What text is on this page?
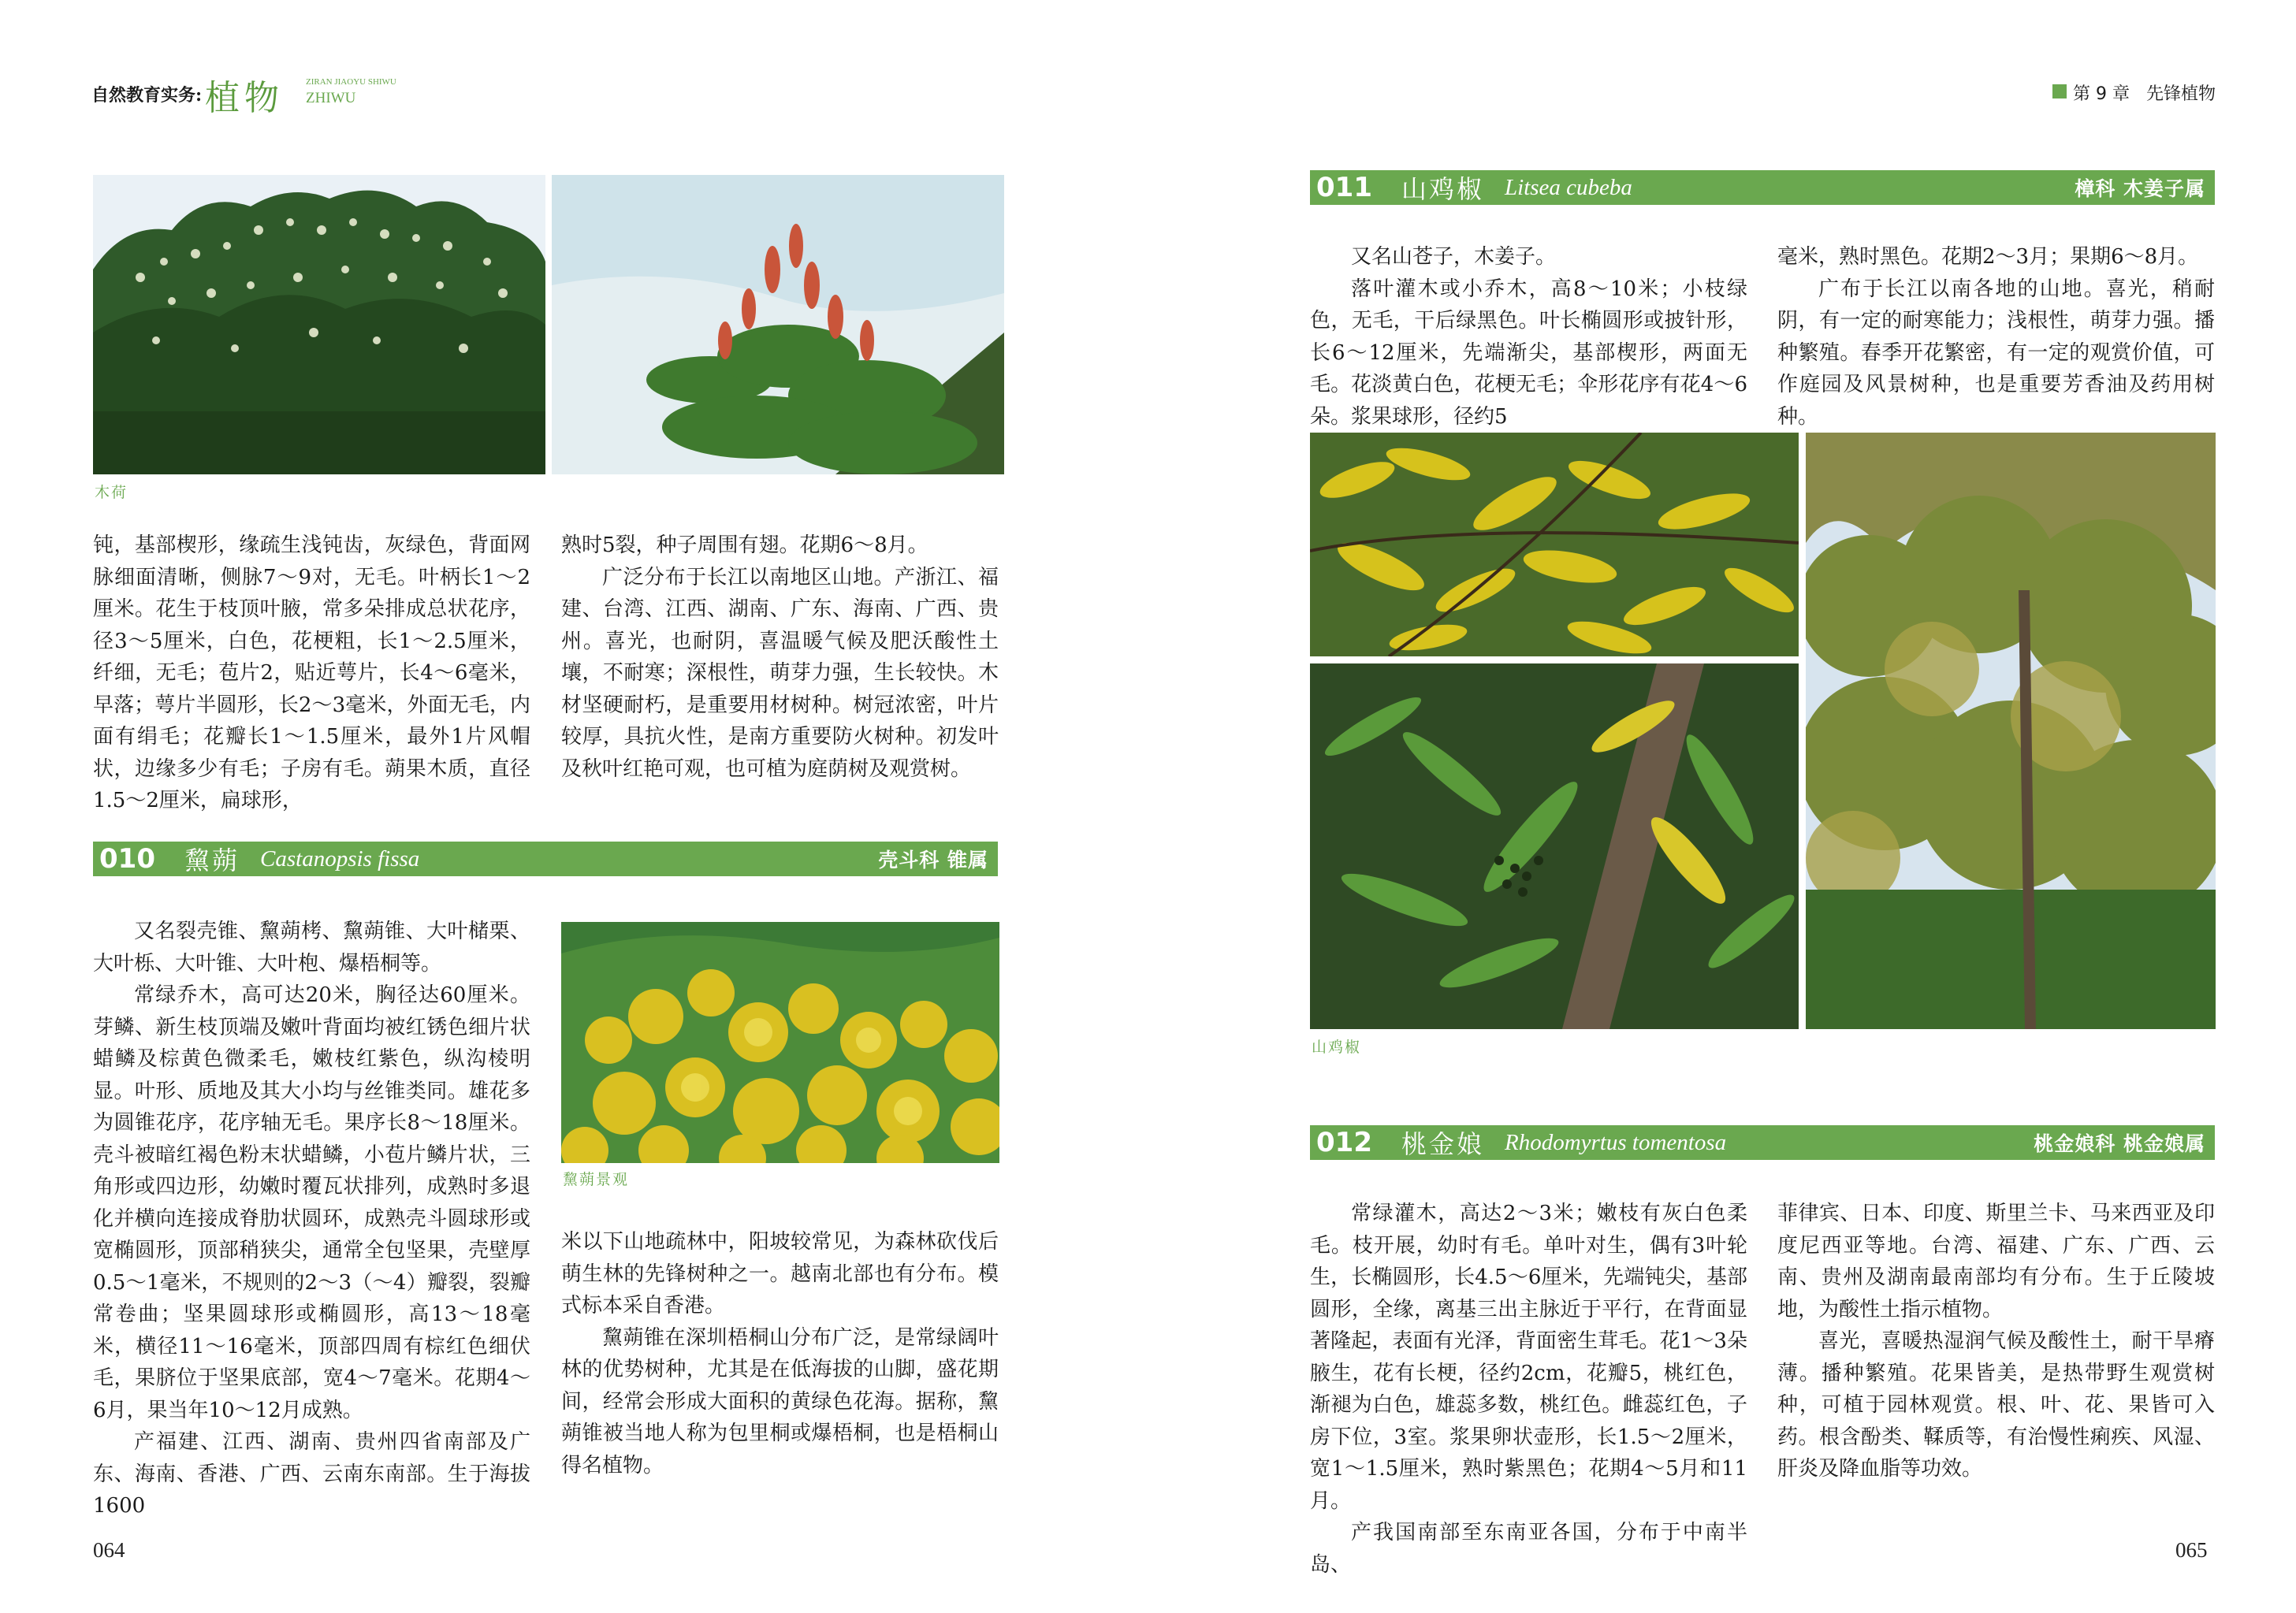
自然教育实务: 植物	ZIRAN JIAOYU SHIWU
ZHIWU	第 9 章   先锋植物
木荷

钝，基部楔形，缘疏生浅钝齿，灰绿色，背面网脉细面清晰，侧脉7～9对，无毛。叶柄长1～2厘米。花生于枝顶叶腋，常多朵排成总状花序，径3～5厘米，白色，花梗粗，长1～2.5厘米，纤细，无毛；苞片2，贴近萼片，长4～6毫米，早落；萼片半圆形，长2～3毫米，外面无毛，内面有绢毛；花瓣长1～1.5厘米，最外1片风帽状，边缘多少有毛；子房有毛。蒴果木质，直径1.5～2厘米，扁球形，

熟时5裂，种子周围有翅。花期6～8月。

广泛分布于长江以南地区山地。产浙江、福建、台湾、江西、湖南、广东、海南、广西、贵州。喜光，也耐阴，喜温暖气候及肥沃酸性土壤，不耐寒；深根性，萌芽力强，生长较快。木材坚硬耐朽，是重要用材树种。树冠浓密，叶片较厚，具抗火性，是南方重要防火树种。初发叶及秋叶红艳可观，也可植为庭荫树及观赏树。

010	黧蒴 Castanopsis fissa	壳斗科 锥属

又名裂壳锥、黧蒴栲、黧蒴锥、大叶槠栗、大叶栎、大叶锥、大叶枹、爆梧桐等。

常绿乔木，高可达20米，胸径达60厘米。芽鳞、新生枝顶端及嫩叶背面均被红锈色细片状蜡鳞及棕黄色微柔毛，嫩枝红紫色，纵沟棱明显。叶形、质地及其大小均与丝锥类同。雄花多为圆锥花序，花序轴无毛。果序长8～18厘米。壳斗被暗红褐色粉末状蜡鳞，小苞片鳞片状，三角形或四边形，幼嫩时覆瓦状排列，成熟时多退化并横向连接成脊肋状圆环，成熟壳斗圆球形或宽椭圆形，顶部稍狭尖，通常全包坚果，壳壁厚0.5～1毫米，不规则的2～3（～4）瓣裂，裂瓣常卷曲；坚果圆球形或椭圆形，高13～18毫米，横径11～16毫米，顶部四周有棕红色细伏毛，果脐位于坚果底部，宽4～7毫米。花期4～6月，果当年10～12月成熟。

产福建、江西、湖南、贵州四省南部及广东、海南、香港、广西、云南东南部。生于海拔1600

黧蒴景观

米以下山地疏林中，阳坡较常见，为森林砍伐后萌生林的先锋树种之一。越南北部也有分布。模式标本采自香港。

黧蒴锥在深圳梧桐山分布广泛，是常绿阔叶林的优势树种，尤其是在低海拔的山脚，盛花期间，经常会形成大面积的黄绿色花海。据称，黧蒴锥被当地人称为包里桐或爆梧桐，也是梧桐山得名植物。

064
011	山鸡椒 Litsea cubeba	樟科 木姜子属

又名山苍子，木姜子。

落叶灌木或小乔木，高8～10米；小枝绿色，无毛，干后绿黑色。叶长椭圆形或披针形，长6～12厘米，先端渐尖，基部楔形，两面无毛。花淡黄白色，花梗无毛；伞形花序有花4～6朵。浆果球形，径约5

毫米，熟时黑色。花期2～3月；果期6～8月。

广布于长江以南各地的山地。喜光，稍耐阴，有一定的耐寒能力；浅根性，萌芽力强。播种繁殖。春季开花繁密，有一定的观赏价值，可作庭园及风景树种，也是重要芳香油及药用树种。

山鸡椒
012	桃金娘 Rhodomyrtus tomentosa	桃金娘科 桃金娘属

常绿灌木，高达2～3米；嫩枝有灰白色柔毛。枝开展，幼时有毛。单叶对生，偶有3叶轮生，长椭圆形，长4.5～6厘米，先端钝尖，基部圆形，全缘，离基三出主脉近于平行，在背面显著隆起，表面有光泽，背面密生茸毛。花1～3朵腋生，花有长梗，径约2cm，花瓣5，桃红色，渐褪为白色，雄蕊多数，桃红色。雌蕊红色，子房下位，3室。浆果卵状壶形，长1.5～2厘米，宽1～1.5厘米，熟时紫黑色；花期4～5月和11月。

产我国南部至东南亚各国，分布于中南半岛、

菲律宾、日本、印度、斯里兰卡、马来西亚及印度尼西亚等地。台湾、福建、广东、广西、云南、贵州及湖南最南部均有分布。生于丘陵坡地，为酸性土指示植物。

喜光，喜暖热湿润气候及酸性土，耐干旱瘠薄。播种繁殖。花果皆美，是热带野生观赏树种，可植于园林观赏。根、叶、花、果皆可入药。根含酚类、鞣质等，有治慢性痢疾、风湿、肝炎及降血脂等功效。

065
